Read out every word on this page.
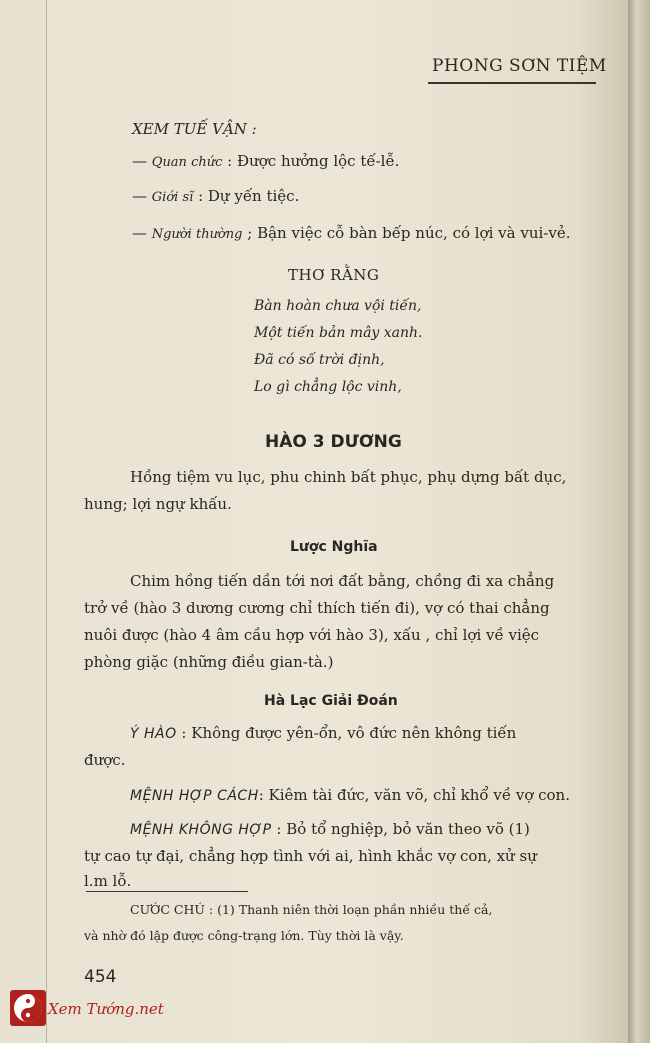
PHONG SƠN TIỆM
XEM TUẾ VẬN :
— Quan chức : Được hưởng lộc tế-lễ.
— Giới sĩ : Dự yến tiệc.
— Người thường ; Bận việc cỗ bàn bếp núc, có lợi và vui-vẻ.
THƠ RẰNG
Bàn hoàn chưa vội tiến,
Một tiến bản mây xanh.
Đã có số trời định,
Lo gì chẳng lộc vinh,
HÀO 3 DƯƠNG
Hồng tiệm vu lục, phu chinh bất phục, phụ dựng bất dục,
hung; lợi ngự khấu.
Lược Nghĩa
Chim hồng tiến dần tới nơi đất bằng, chồng đi xa chẳng
trở về (hào 3 dương cương chỉ thích tiến đi), vợ có thai chẳng
nuôi được (hào 4 âm cầu hợp với hào 3), xấu , chỉ lợi về việc
phòng giặc (những điều gian-tà.)
Hà Lạc Giải Đoán
Ý HÀO : Không được yên-ổn, vô đức nên không tiến
được.
MỆNH HỢP CÁCH: Kiêm tài đức, văn võ, chỉ khổ về vợ con.
MỆNH KHÔNG HỢP : Bỏ tổ nghiệp, bỏ văn theo võ (1)
tự cao tự đại, chẳng hợp tình với ai, hình khắc vợ con, xử sự
l.m lỗ.
CƯỚC CHÚ : (1) Thanh niên thời loạn phần nhiều thế cả,
và nhờ đó lập được công-trạng lớn. Tùy thời là vậy.
454
Xem Tướng.net
